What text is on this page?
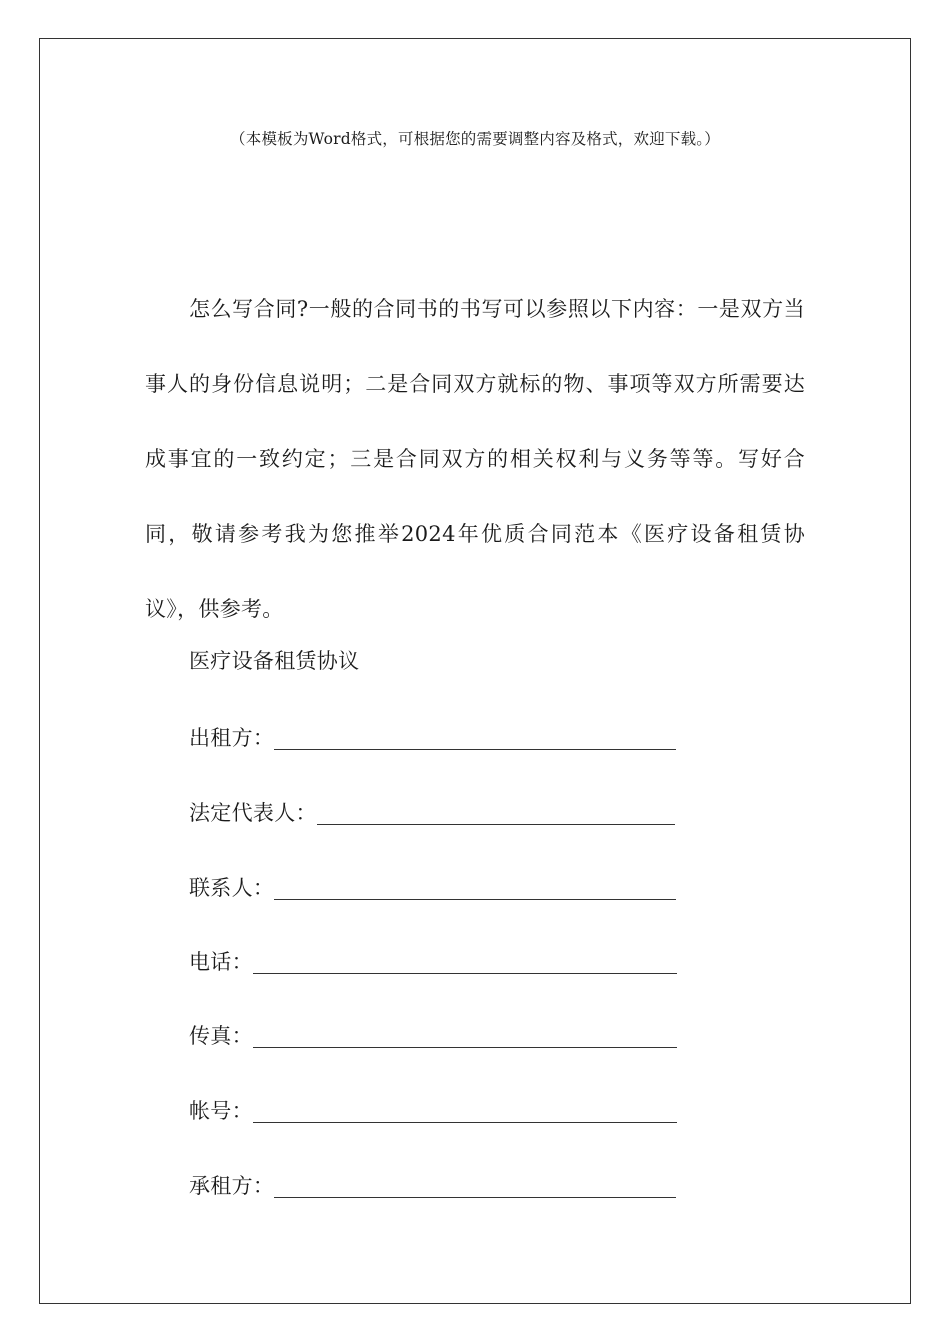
（本模板为Word格式，可根据您的需要调整内容及格式，欢迎下载。）

怎么写合同?一般的合同书的书写可以参照以下内容：一是双方当事人的身份信息说明；二是合同双方就标的物、事项等双方所需要达成事宜的一致约定；三是合同双方的相关权利与义务等等。写好合同，敬请参考我为您推举2024年优质合同范本《医疗设备租赁协议》，供参考。

医疗设备租赁协议
出租方：
法定代表人：
联系人：
电话：
传真：
帐号：
承租方：
